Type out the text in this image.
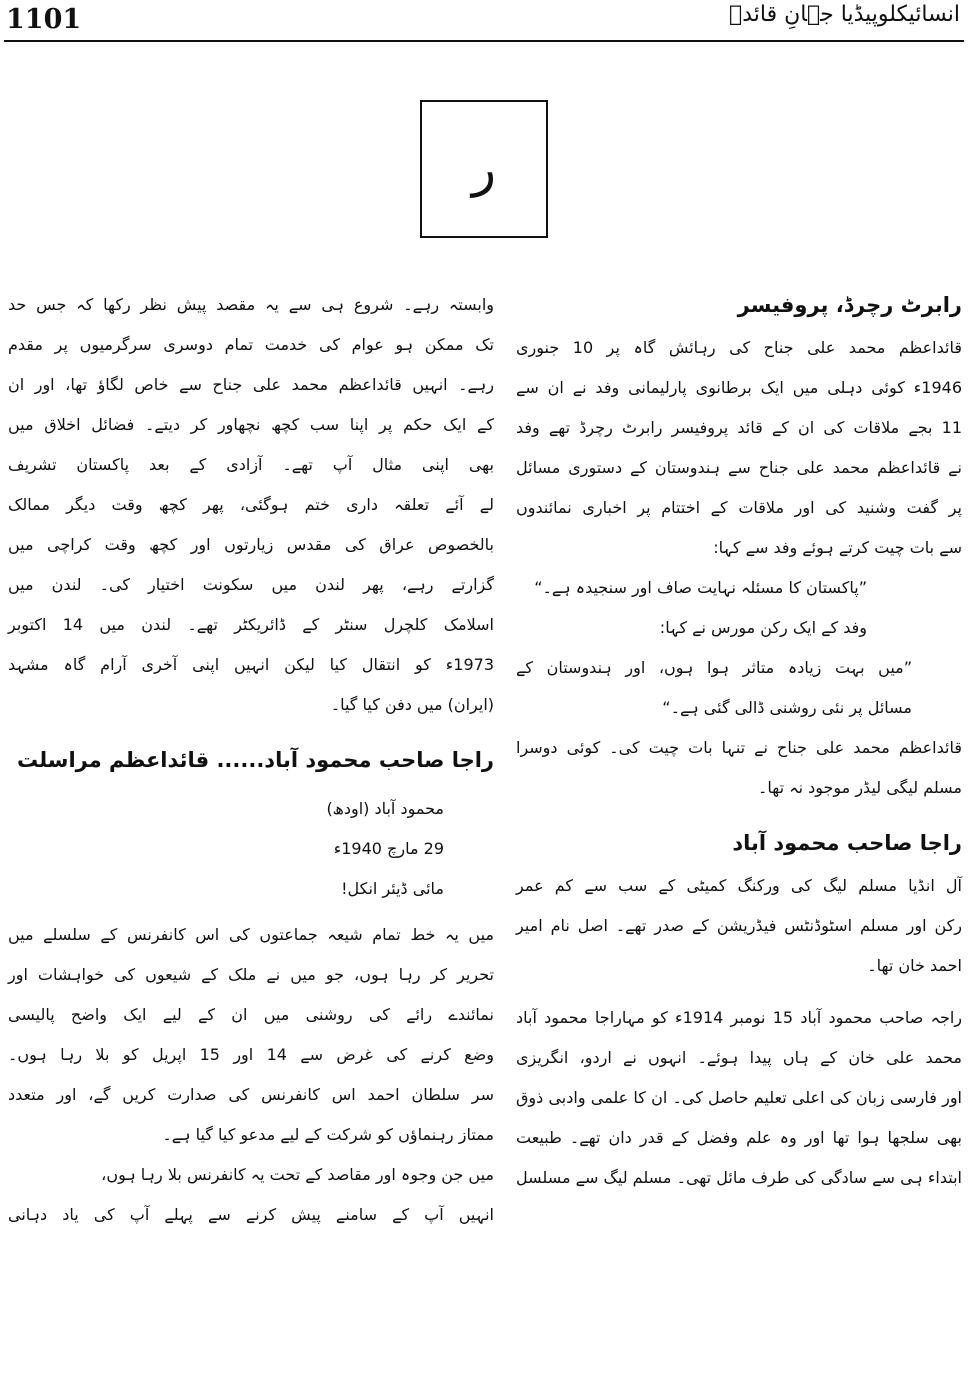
1101	انسائیکلوپیڈیا جہانِ قائدؒ
ر
رابرٹ رچرڈ، پروفیسر
قائداعظم محمد علی جناح کی رہائش گاہ پر 10 جنوری
1946ء کوئی دہلی میں ایک برطانوی پارلیمانی وفد نے ان سے
11 بجے ملاقات کی ان کے قائد پروفیسر رابرٹ رچرڈ تھے وفد
نے قائداعظم محمد علی جناح سے ہندوستان کے دستوری مسائل
پر گفت وشنید کی اور ملاقات کے اختتام پر اخباری نمائندوں
سے بات چیت کرتے ہوئے وفد سے کہا:
”پاکستان کا مسئلہ نہایت صاف اور سنجیدہ ہے۔“
وفد کے ایک رکن مورس نے کہا:
”میں بہت زیادہ متاثر ہوا ہوں، اور ہندوستان کے
مسائل پر نئی روشنی ڈالی گئی ہے۔“
قائداعظم محمد علی جناح نے تنہا بات چیت کی۔ کوئی دوسرا
مسلم لیگی لیڈر موجود نہ تھا۔
راجا صاحب محمود آباد
آل انڈیا مسلم لیگ کی ورکنگ کمیٹی کے سب سے کم عمر
رکن اور مسلم اسٹوڈنٹس فیڈریشن کے صدر تھے۔ اصل نام امیر
احمد خان تھا۔
راجہ صاحب محمود آباد 15 نومبر 1914ء کو مہاراجا محمود آباد
محمد علی خان کے ہاں پیدا ہوئے۔ انہوں نے اردو، انگریزی
اور فارسی زبان کی اعلی تعلیم حاصل کی۔ ان کا علمی وادبی ذوق
بھی سلجھا ہوا تھا اور وہ علم وفضل کے قدر دان تھے۔ طبیعت
ابتداء ہی سے سادگی کی طرف مائل تھی۔ مسلم لیگ سے مسلسل
وابستہ رہے۔ شروع ہی سے یہ مقصد پیش نظر رکھا کہ جس حد
تک ممکن ہو عوام کی خدمت تمام دوسری سرگرمیوں پر مقدم
رہے۔ انہیں قائداعظم محمد علی جناح سے خاص لگاؤ تھا، اور ان
کے ایک حکم پر اپنا سب کچھ نچھاور کر دیتے۔ فضائل اخلاق میں
بھی اپنی مثال آپ تھے۔ آزادی کے بعد پاکستان تشریف
لے آئے تعلقہ داری ختم ہوگئی، پھر کچھ وقت دیگر ممالک
بالخصوص عراق کی مقدس زیارتوں اور کچھ وقت کراچی میں
گزارتے رہے، پھر لندن میں سکونت اختیار کی۔ لندن میں
اسلامک کلچرل سنٹر کے ڈائریکٹر تھے۔ لندن میں 14 اکتوبر
1973ء کو انتقال کیا لیکن انہیں اپنی آخری آرام گاہ مشہد
(ایران) میں دفن کیا گیا۔
راجا صاحب محمود آباد...... قائداعظم مراسلت
محمود آباد (اودھ)
29 مارچ 1940ء
مائی ڈیئر انکل!
میں یہ خط تمام شیعہ جماعتوں کی اس کانفرنس کے سلسلے میں
تحریر کر رہا ہوں، جو میں نے ملک کے شیعوں کی خواہشات اور
نمائندے رائے کی روشنی میں ان کے لیے ایک واضح پالیسی
وضع کرنے کی غرض سے 14 اور 15 اپریل کو بلا رہا ہوں۔
سر سلطان احمد اس کانفرنس کی صدارت کریں گے، اور متعدد
ممتاز رہنماؤں کو شرکت کے لیے مدعو کیا گیا ہے۔
میں جن وجوہ اور مقاصد کے تحت یہ کانفرنس بلا رہا ہوں،
انہیں آپ کے سامنے پیش کرنے سے پہلے آپ کی یاد دہانی
